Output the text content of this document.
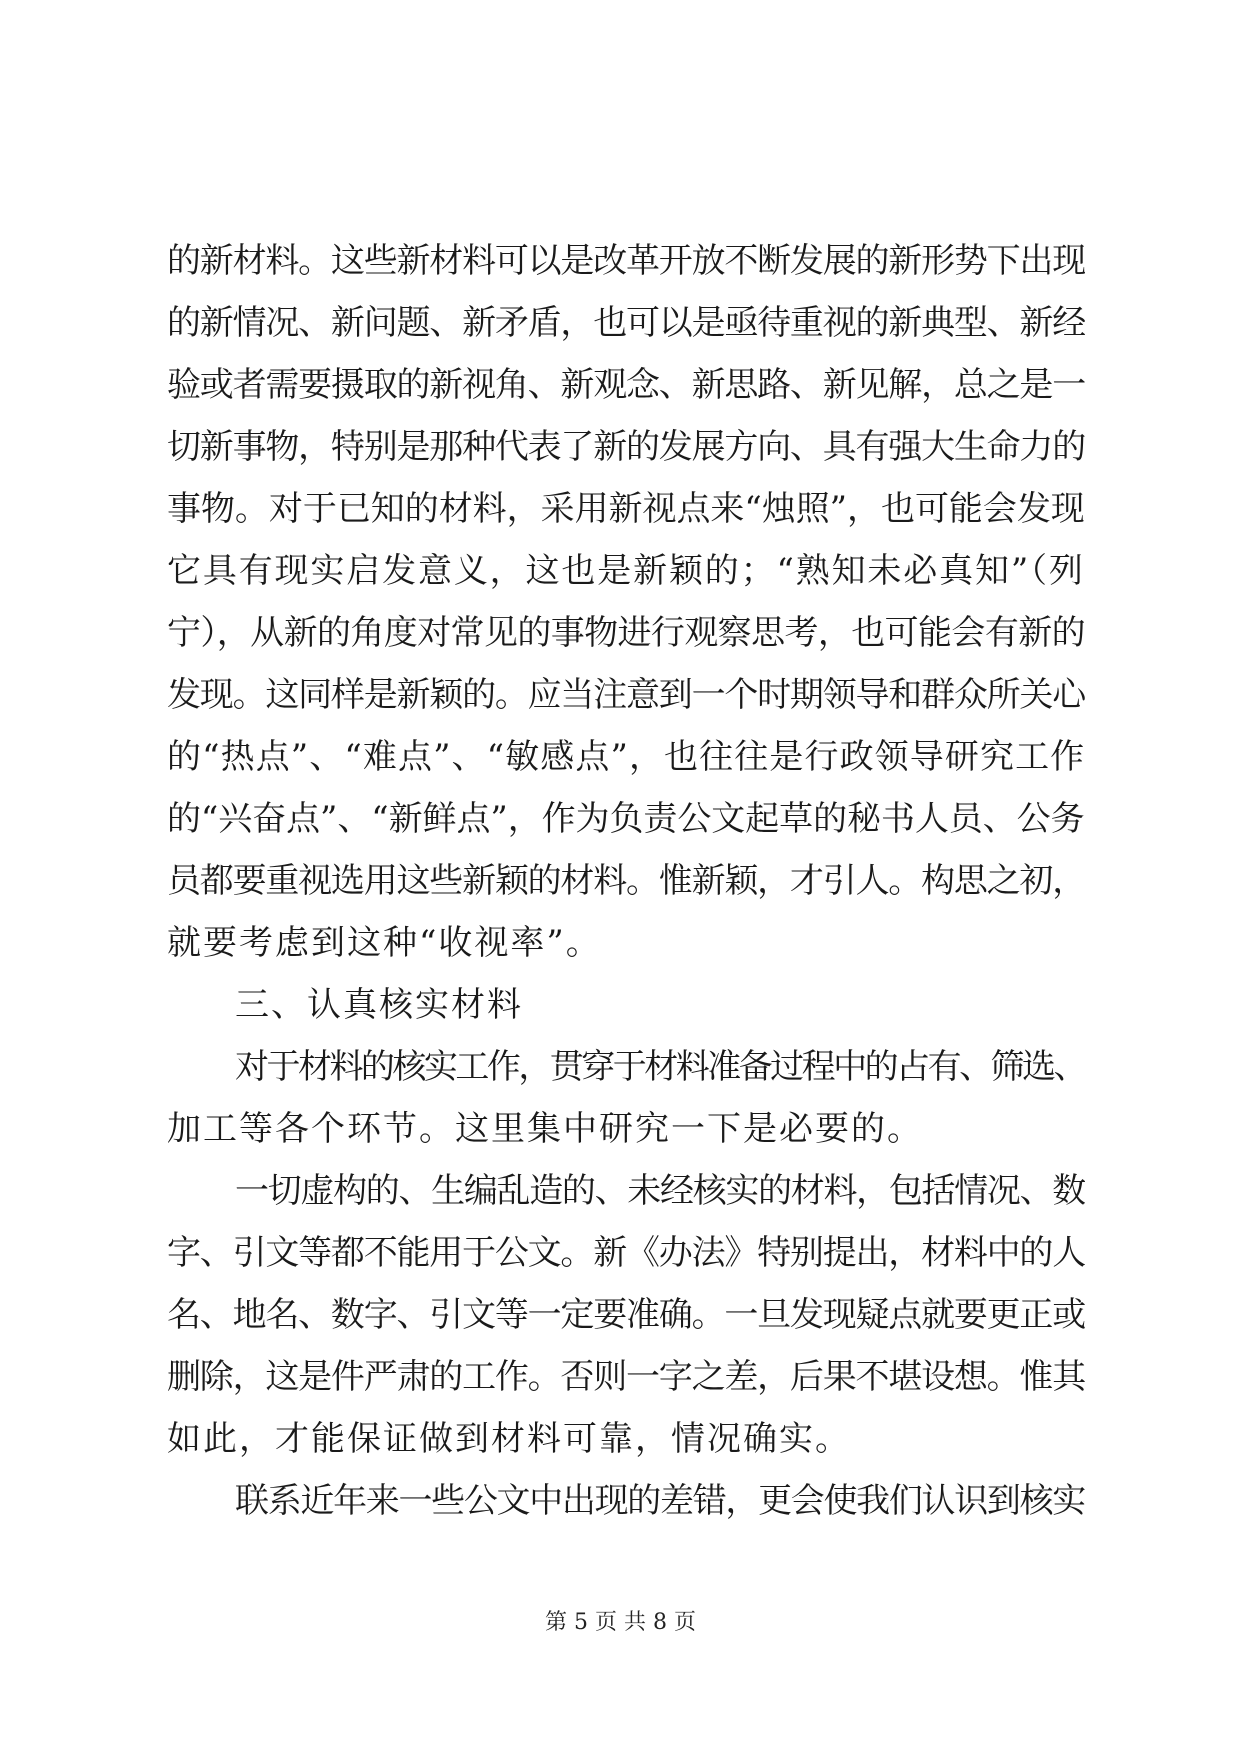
的新材料。这些新材料可以是改革开放不断发展的新形势下出现
的新情况、新问题、新矛盾，也可以是亟待重视的新典型、新经
验或者需要摄取的新视角、新观念、新思路、新见解，总之是一
切新事物，特别是那种代表了新的发展方向、具有强大生命力的
事物。对于已知的材料，采用新视点来“烛照”，也可能会发现
它具有现实启发意义，这也是新颖的；“熟知未必真知”（列
宁），从新的角度对常见的事物进行观察思考，也可能会有新的
发现。这同样是新颖的。应当注意到一个时期领导和群众所关心
的“热点”、“难点”、“敏感点”，也往往是行政领导研究工作
的“兴奋点”、“新鲜点”，作为负责公文起草的秘书人员、公务
员都要重视选用这些新颖的材料。惟新颖，才引人。构思之初，
就要考虑到这种“收视率”。
三、认真核实材料
对于材料的核实工作，贯穿于材料准备过程中的占有、筛选、
加工等各个环节。这里集中研究一下是必要的。
一切虚构的、生编乱造的、未经核实的材料，包括情况、数
字、引文等都不能用于公文。新《办法》特别提出，材料中的人
名、地名、数字、引文等一定要准确。一旦发现疑点就要更正或
删除，这是件严肃的工作。否则一字之差，后果不堪设想。惟其
如此，才能保证做到材料可靠，情况确实。
联系近年来一些公文中出现的差错，更会使我们认识到核实
第 5 页 共 8 页
